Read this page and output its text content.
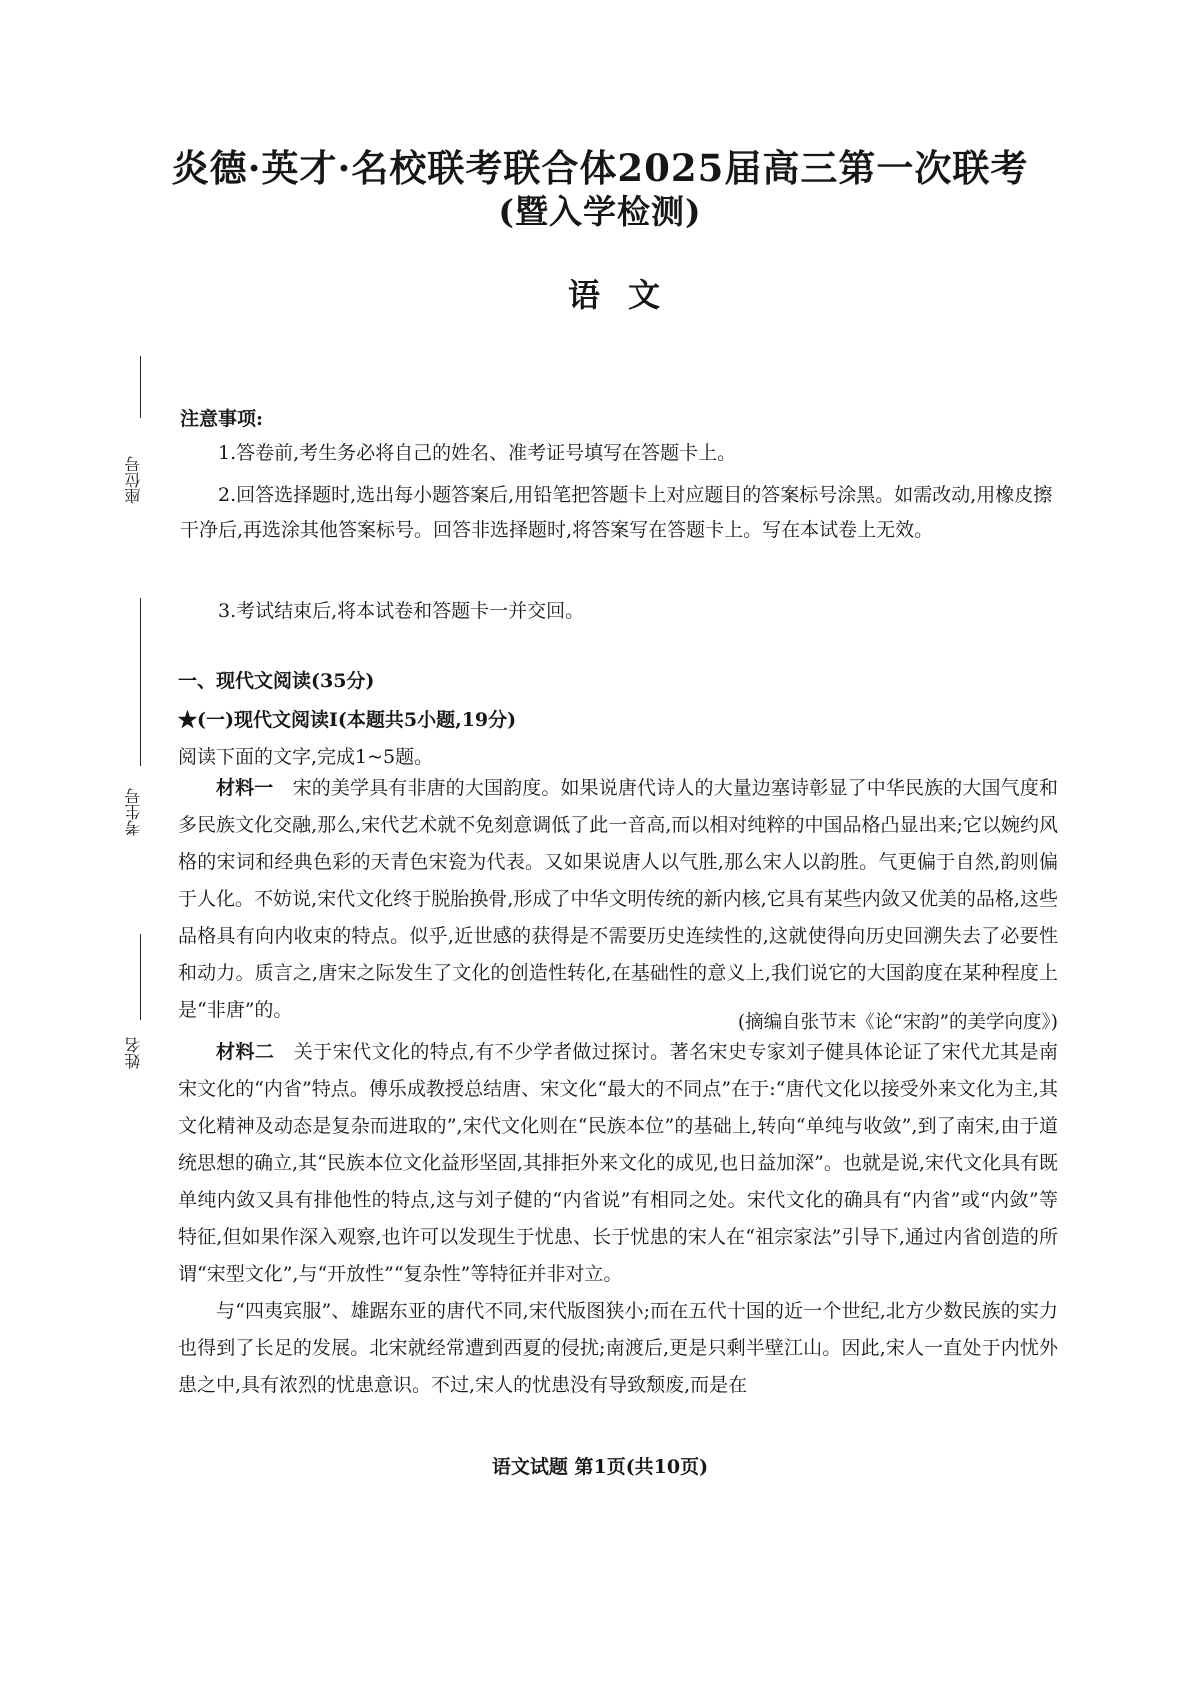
炎德·英才·名校联考联合体2025届高三第一次联考
(暨入学检测)
语文
座位号
考生号
姓名
注意事项:
1.答卷前,考生务必将自己的姓名、准考证号填写在答题卡上。
2.回答选择题时,选出每小题答案后,用铅笔把答题卡上对应题目的答案标号涂黑。如需改动,用橡皮擦干净后,再选涂其他答案标号。回答非选择题时,将答案写在答题卡上。写在本试卷上无效。
3.考试结束后,将本试卷和答题卡一并交回。
一、现代文阅读(35分)
★(一)现代文阅读Ⅰ(本题共5小题,19分)
阅读下面的文字,完成1~5题。

材料一　 宋的美学具有非唐的大国韵度。如果说唐代诗人的大量边塞诗彰显了中华民族的大国气度和多民族文化交融,那么,宋代艺术就不免刻意调低了此一音高,而以相对纯粹的中国品格凸显出来;它以婉约风格的宋词和经典色彩的天青色宋瓷为代表。又如果说唐人以气胜,那么宋人以韵胜。气更偏于自然,韵则偏于人化。不妨说,宋代文化终于脱胎换骨,形成了中华文明传统的新内核,它具有某些内敛又优美的品格,这些品格具有向内收束的特点。似乎,近世感的获得是不需要历史连续性的,这就使得向历史回溯失去了必要性和动力。质言之,唐宋之际发生了文化的创造性转化,在基础性的意义上,我们说它的大国韵度在某种程度上是“非唐”的。

(摘编自张节末《论“宋韵”的美学向度》)

材料二　 关于宋代文化的特点,有不少学者做过探讨。著名宋史专家刘子健具体论证了宋代尤其是南宋文化的“内省”特点。傅乐成教授总结唐、宋文化“最大的不同点”在于:“唐代文化以接受外来文化为主,其文化精神及动态是复杂而进取的”,宋代文化则在“民族本位”的基础上,转向“单纯与收敛”,到了南宋,由于道统思想的确立,其“民族本位文化益形坚固,其排拒外来文化的成见,也日益加深”。也就是说,宋代文化具有既单纯内敛又具有排他性的特点,这与刘子健的“内省说”有相同之处。宋代文化的确具有“内省”或“内敛”等特征,但如果作深入观察,也许可以发现生于忧患、长于忧患的宋人在“祖宗家法”引导下,通过内省创造的所谓“宋型文化”,与“开放性”“复杂性”等特征并非对立。

与“四夷宾服”、雄踞东亚的唐代不同,宋代版图狭小;而在五代十国的近一个世纪,北方少数民族的实力也得到了长足的发展。北宋就经常遭到西夏的侵扰;南渡后,更是只剩半壁江山。因此,宋人一直处于内忧外患之中,具有浓烈的忧患意识。不过,宋人的忧患没有导致颓废,而是在

语文试题 第1页(共10页)
